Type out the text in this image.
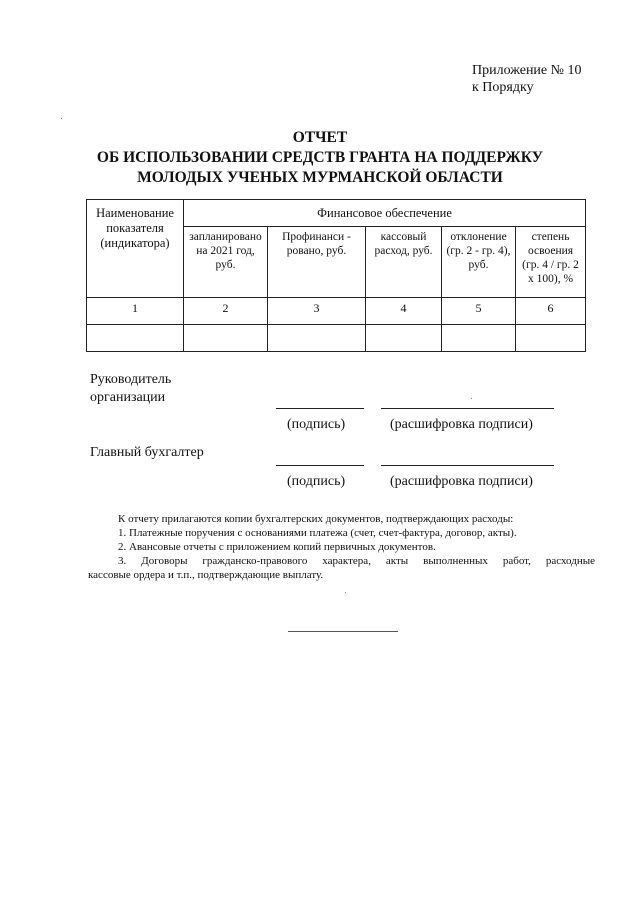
Приложение № 10
к Порядку
ОТЧЕТ
ОБ ИСПОЛЬЗОВАНИИ СРЕДСТВ ГРАНТА НА ПОДДЕРЖКУ
МОЛОДЫХ УЧЕНЫХ МУРМАНСКОЙ ОБЛАСТИ
Наименование показателя (индикатора)	Финансовое обеспечение				
	запланировано на 2021 год, руб.	Профинанси - ровано, руб.	кассовый расход, руб.	отклонение (гр. 2 - гр. 4), руб.	степень освоения (гр. 4 / гр. 2 x 100), %
1	2	3	4	5	6

Руководитель организации
(подпись)	(расшифровка подписи)
Главный бухгалтер
(подпись)	(расшифровка подписи)
К отчету прилагаются копии бухгалтерских документов, подтверждающих расходы:
1. Платежные поручения с основаниями платежа (счет, счет-фактура, договор, акты).
2. Авансовые отчеты с приложением копий первичных документов.
3. Договоры гражданско-правового характера, акты выполненных работ, расходные
кассовые ордера и т.п., подтверждающие выплату.
